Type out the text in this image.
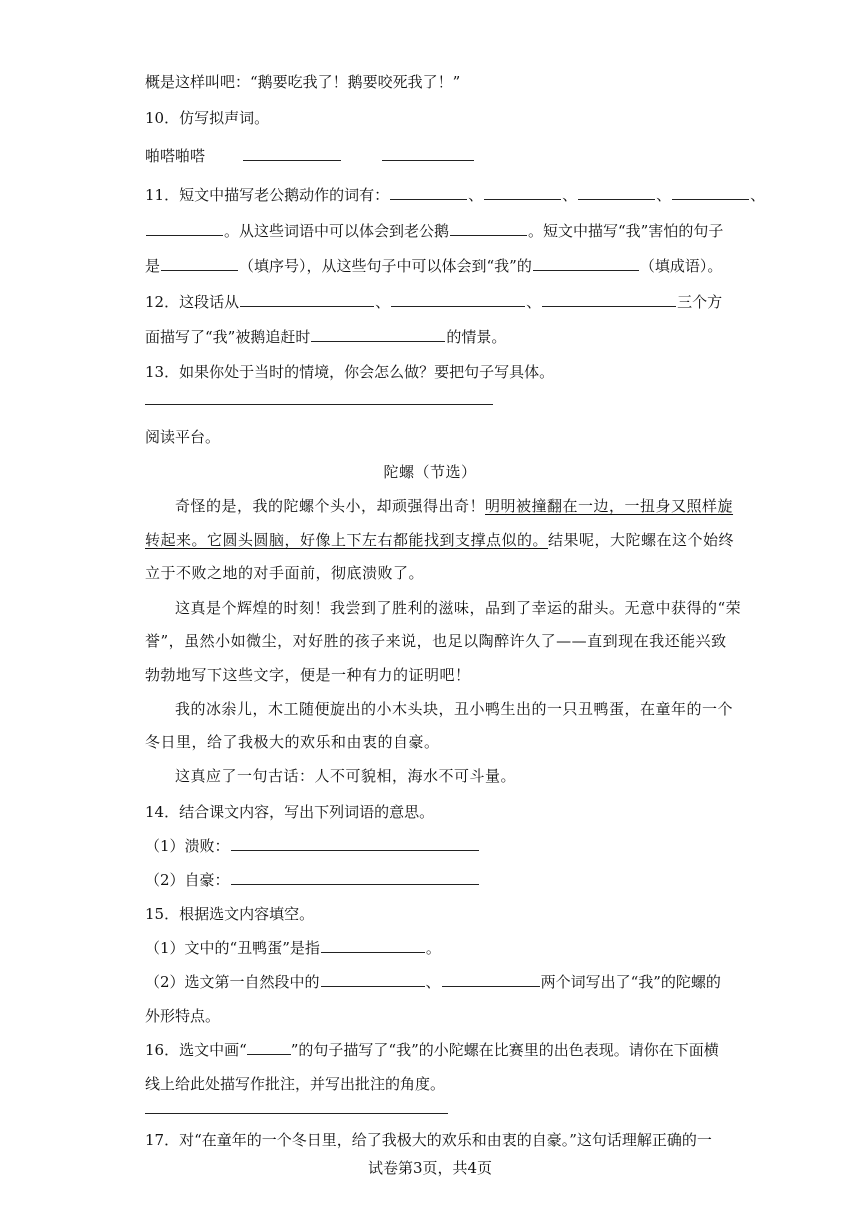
概是这样叫吧：“鹅要吃我了！鹅要咬死我了！”
10．仿写拟声词。
啪嗒啪嗒
11．短文中描写老公鹅动作的词有：	、	、	、	、
。从这些词语中可以体会到老公鹅	。短文中描写“我”害怕的句子
是	（填序号），从这些句子中可以体会到“我”的	（填成语）。
12．这段话从	、	、	三个方
面描写了“我”被鹅追赶时	的情景。
13．如果你处于当时的情境，你会怎么做？要把句子写具体。
阅读平台。
陀螺（节选）
奇怪的是，我的陀螺个头小，却顽强得出奇！明明被撞翻在一边，一扭身又照样旋
转起来。它圆头圆脑，好像上下左右都能找到支撑点似的。结果呢，大陀螺在这个始终
立于不败之地的对手面前，彻底溃败了。
这真是个辉煌的时刻！我尝到了胜利的滋味，品到了幸运的甜头。无意中获得的“荣
誉”，虽然小如微尘，对好胜的孩子来说，也足以陶醉许久了——直到现在我还能兴致
勃勃地写下这些文字，便是一种有力的证明吧！
我的冰尜儿，木工随便旋出的小木头块，丑小鸭生出的一只丑鸭蛋，在童年的一个
冬日里，给了我极大的欢乐和由衷的自豪。
这真应了一句古话：人不可貌相，海水不可斗量。
14．结合课文内容，写出下列词语的意思。
（1）溃败：
（2）自豪：
15．根据选文内容填空。
（1）文中的“丑鸭蛋”是指	。
（2）选文第一自然段中的	、	两个词写出了“我”的陀螺的
外形特点。
16．选文中画“	”的句子描写了“我”的小陀螺在比赛里的出色表现。请你在下面横
线上给此处描写作批注，并写出批注的角度。
17．对“在童年的一个冬日里，给了我极大的欢乐和由衷的自豪。”这句话理解正确的一
试卷第3页，共4页
